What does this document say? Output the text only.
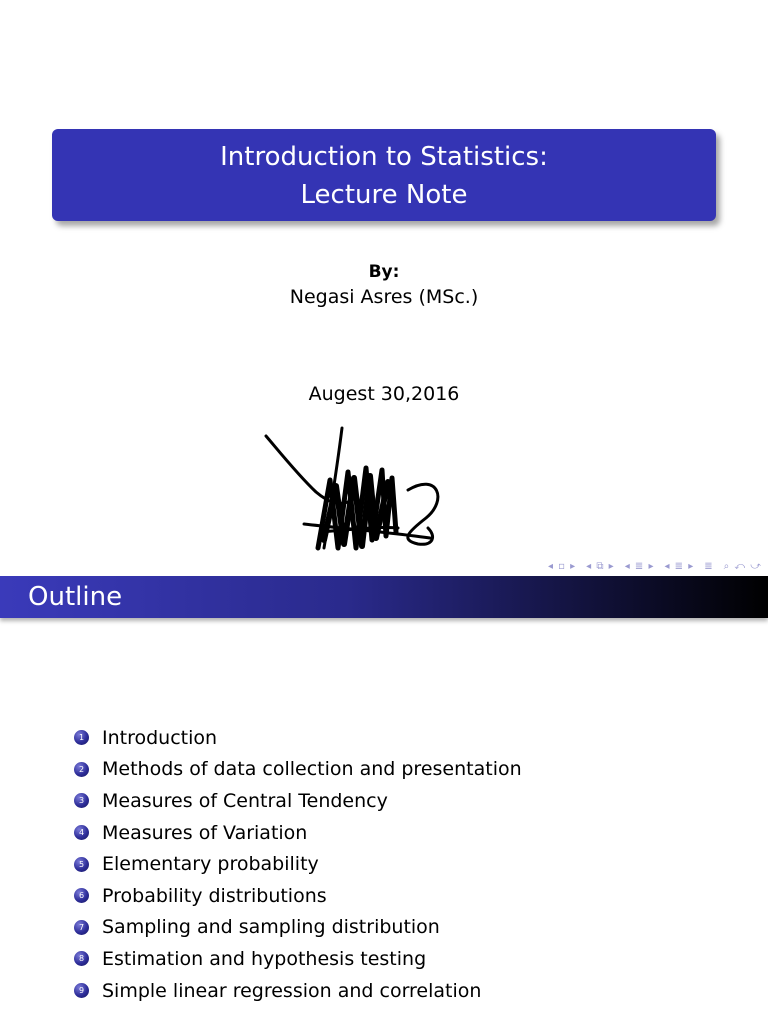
Introduction to Statistics:
Lecture Note
By:
Negasi Asres (MSc.)
Augest 30,2016
◂ ▫ ▸ ◂ ⧉ ▸ ◂ ≣ ▸ ◂ ≣ ▸ ≣ ⌕ ⤺ ⤻
Outline
1 Introduction
2 Methods of data collection and presentation
3 Measures of Central Tendency
4 Measures of Variation
5 Elementary probability
6 Probability distributions
7 Sampling and sampling distribution
8 Estimation and hypothesis testing
9 Simple linear regression and correlation
